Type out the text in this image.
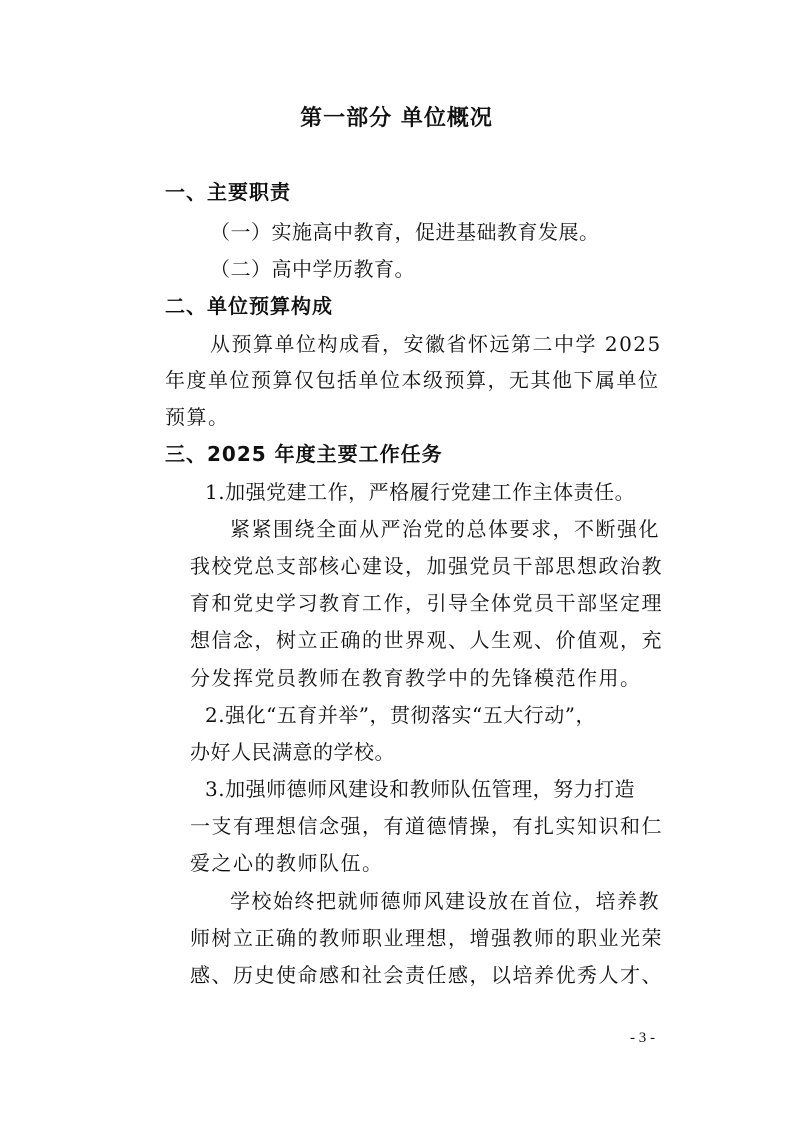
第一部分 单位概况
一、主要职责
（一）实施高中教育，促进基础教育发展。
（二）高中学历教育。
二、单位预算构成
从预算单位构成看，安徽省怀远第二中学 2025
年度单位预算仅包括单位本级预算，无其他下属单位
预算。
三、2025 年度主要工作任务
1.加强党建工作，严格履行党建工作主体责任。
紧紧围绕全面从严治党的总体要求，不断强化
我校党总支部核心建设，加强党员干部思想政治教
育和党史学习教育工作，引导全体党员干部坚定理
想信念，树立正确的世界观、人生观、价值观，充
分发挥党员教师在教育教学中的先锋模范作用。
2.强化“五育并举”，贯彻落实“五大行动”，
办好人民满意的学校。
3.加强师德师风建设和教师队伍管理，努力打造
一支有理想信念强，有道德情操，有扎实知识和仁
爱之心的教师队伍。
学校始终把就师德师风建设放在首位，培养教
师树立正确的教师职业理想，增强教师的职业光荣
感、历史使命感和社会责任感，以培养优秀人才、
- 3 -
